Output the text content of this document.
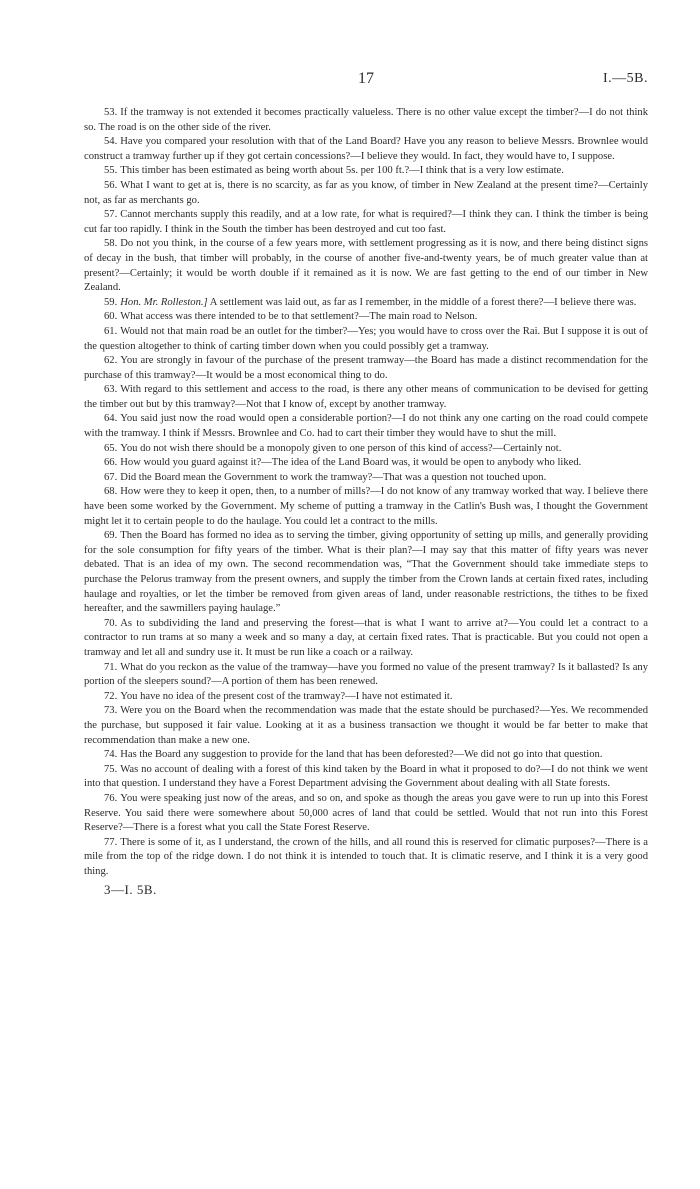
17	I.—5B.

53. If the tramway is not extended it becomes practically valueless. There is no other value except the timber?—I do not think so. The road is on the other side of the river.

54. Have you compared your resolution with that of the Land Board? Have you any reason to believe Messrs. Brownlee would construct a tramway further up if they got certain concessions?—I believe they would. In fact, they would have to, I suppose.

55. This timber has been estimated as being worth about 5s. per 100 ft.?—I think that is a very low estimate.

56. What I want to get at is, there is no scarcity, as far as you know, of timber in New Zealand at the present time?—Certainly not, as far as merchants go.

57. Cannot merchants supply this readily, and at a low rate, for what is required?—I think they can. I think the timber is being cut far too rapidly. I think in the South the timber has been destroyed and cut too fast.

58. Do not you think, in the course of a few years more, with settlement progressing as it is now, and there being distinct signs of decay in the bush, that timber will probably, in the course of another five-and-twenty years, be of much greater value than at present?—Certainly; it would be worth double if it remained as it is now. We are fast getting to the end of our timber in New Zealand.

59. Hon. Mr. Rolleston.] A settlement was laid out, as far as I remember, in the middle of a forest there?—I believe there was.

60. What access was there intended to be to that settlement?—The main road to Nelson.

61. Would not that main road be an outlet for the timber?—Yes; you would have to cross over the Rai. But I suppose it is out of the question altogether to think of carting timber down when you could possibly get a tramway.

62. You are strongly in favour of the purchase of the present tramway—the Board has made a distinct recommendation for the purchase of this tramway?—It would be a most economical thing to do.

63. With regard to this settlement and access to the road, is there any other means of communication to be devised for getting the timber out but by this tramway?—Not that I know of, except by another tramway.

64. You said just now the road would open a considerable portion?—I do not think any one carting on the road could compete with the tramway. I think if Messrs. Brownlee and Co. had to cart their timber they would have to shut the mill.

65. You do not wish there should be a monopoly given to one person of this kind of access?—Certainly not.

66. How would you guard against it?—The idea of the Land Board was, it would be open to anybody who liked.

67. Did the Board mean the Government to work the tramway?—That was a question not touched upon.

68. How were they to keep it open, then, to a number of mills?—I do not know of any tramway worked that way. I believe there have been some worked by the Government. My scheme of putting a tramway in the Catlin's Bush was, I thought the Government might let it to certain people to do the haulage. You could let a contract to the mills.

69. Then the Board has formed no idea as to serving the timber, giving opportunity of setting up mills, and generally providing for the sole consumption for fifty years of the timber. What is their plan?—I may say that this matter of fifty years was never debated. That is an idea of my own. The second recommendation was, “That the Government should take immediate steps to purchase the Pelorus tramway from the present owners, and supply the timber from the Crown lands at certain fixed rates, including haulage and royalties, or let the timber be removed from given areas of land, under reasonable restrictions, the tithes to be fixed hereafter, and the sawmillers paying haulage.”

70. As to subdividing the land and preserving the forest—that is what I want to arrive at?—You could let a contract to a contractor to run trams at so many a week and so many a day, at certain fixed rates. That is practicable. But you could not open a tramway and let all and sundry use it. It must be run like a coach or a railway.

71. What do you reckon as the value of the tramway—have you formed no value of the present tramway? Is it ballasted? Is any portion of the sleepers sound?—A portion of them has been renewed.

72. You have no idea of the present cost of the tramway?—I have not estimated it.

73. Were you on the Board when the recommendation was made that the estate should be purchased?—Yes. We recommended the purchase, but supposed it fair value. Looking at it as a business transaction we thought it would be far better to make that recommendation than make a new one.

74. Has the Board any suggestion to provide for the land that has been deforested?—We did not go into that question.

75. Was no account of dealing with a forest of this kind taken by the Board in what it proposed to do?—I do not think we went into that question. I understand they have a Forest Department advising the Government about dealing with all State forests.

76. You were speaking just now of the areas, and so on, and spoke as though the areas you gave were to run up into this Forest Reserve. You said there were somewhere about 50,000 acres of land that could be settled. Would that not run into this Forest Reserve?—There is a forest what you call the State Forest Reserve.

77. There is some of it, as I understand, the crown of the hills, and all round this is reserved for climatic purposes?—There is a mile from the top of the ridge down. I do not think it is intended to touch that. It is climatic reserve, and I think it is a very good thing.

3—I. 5B.
